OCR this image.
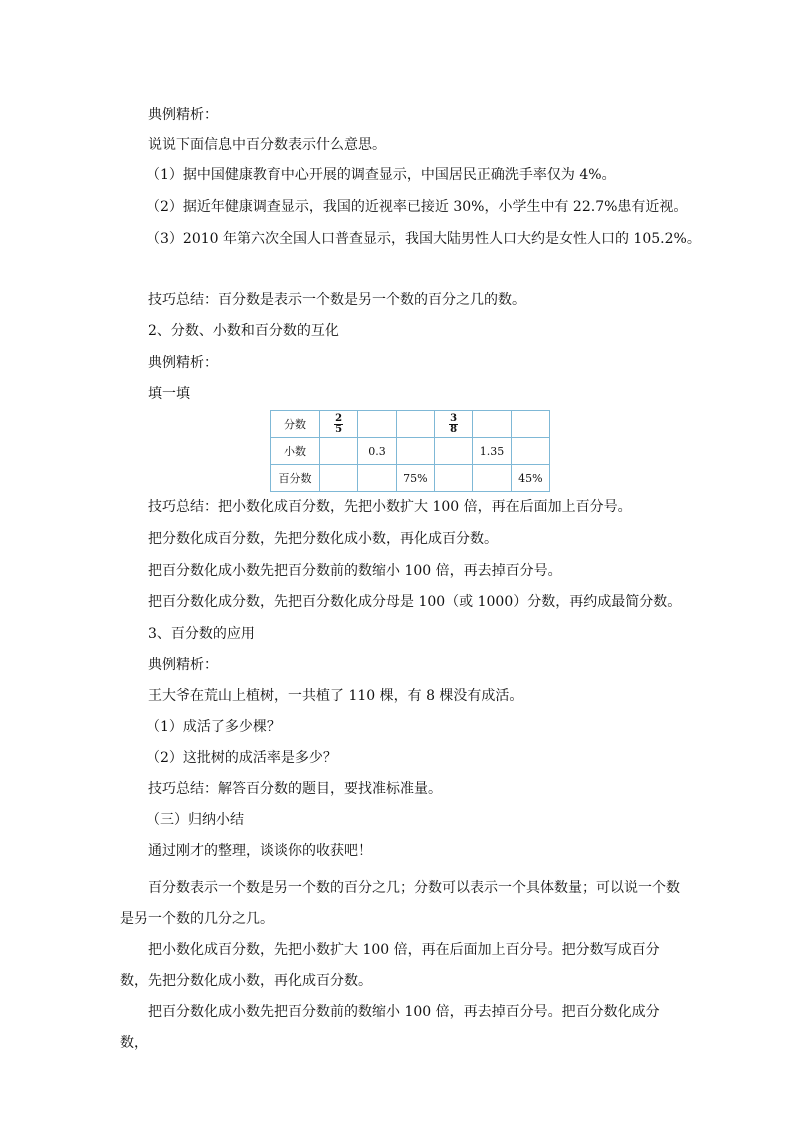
典例精析：
说说下面信息中百分数表示什么意思。
（1）据中国健康教育中心开展的调查显示，中国居民正确洗手率仅为 4%。
（2）据近年健康调查显示，我国的近视率已接近 30%，小学生中有 22.7%患有近视。
（3）2010 年第六次全国人口普查显示，我国大陆男性人口大约是女性人口的 105.2%。
技巧总结：百分数是表示一个数是另一个数的百分之几的数。
2、分数、小数和百分数的互化
典例精析：
填一填
分数	$\frac{2}{5}$			$\frac{3}{8}$

小数		0.3			1.35	
百分数			75%			45%
技巧总结：把小数化成百分数，先把小数扩大 100 倍，再在后面加上百分号。
把分数化成百分数，先把分数化成小数，再化成百分数。
把百分数化成小数先把百分数前的数缩小 100 倍，再去掉百分号。
把百分数化成分数，先把百分数化成分母是 100（或 1000）分数，再约成最简分数。
3、百分数的应用
典例精析：
王大爷在荒山上植树，一共植了 110 棵，有 8 棵没有成活。
（1）成活了多少棵？
（2）这批树的成活率是多少？
技巧总结：解答百分数的题目，要找准标准量。
（三）归纳小结
通过刚才的整理，谈谈你的收获吧！
百分数表示一个数是另一个数的百分之几；分数可以表示一个具体数量；可以说一个数是另一个数的几分之几。
把小数化成百分数，先把小数扩大 100 倍，再在后面加上百分号。把分数写成百分数，先把分数化成小数，再化成百分数。
把百分数化成小数先把百分数前的数缩小 100 倍，再去掉百分号。把百分数化成分数，
